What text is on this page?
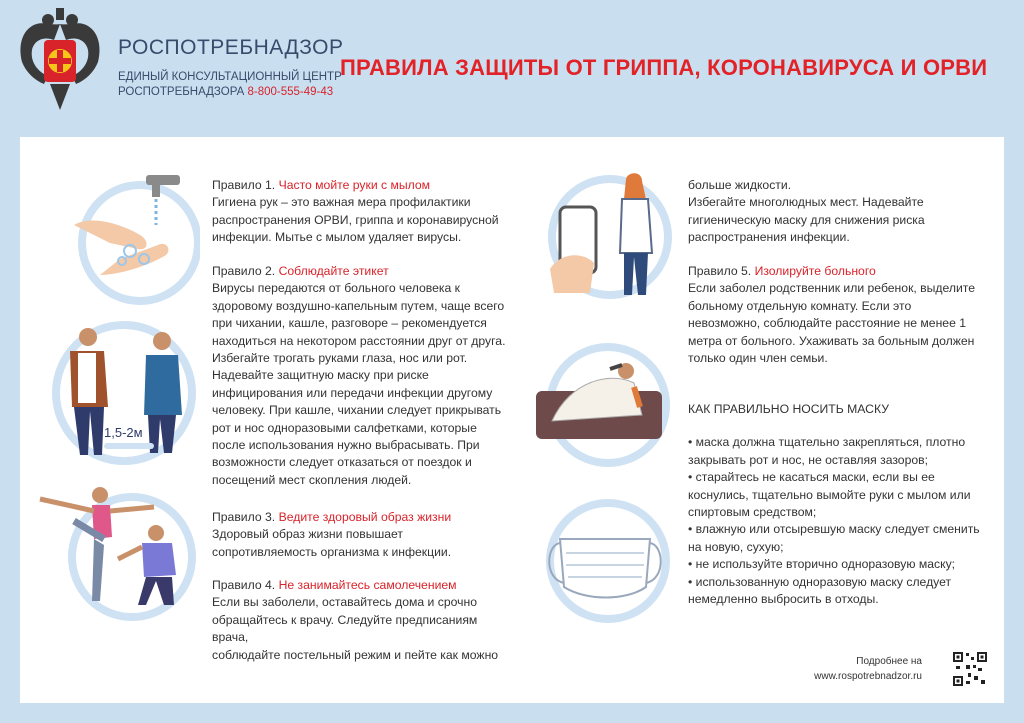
РОСПОТРЕБНАДЗОР
ЕДИНЫЙ КОНСУЛЬТАЦИОННЫЙ ЦЕНТР
РОСПОТРЕБНАДЗОРА 8-800-555-49-43
ПРАВИЛА ЗАЩИТЫ ОТ ГРИППА, КОРОНАВИРУСА И ОРВИ
1,5-2м
Правило 1. Часто мойте руки с мылом
Гигиена рук – это важная мера профилактики
распространения ОРВИ, гриппа и коронавирусной
инфекции. Мытье с мылом удаляет вирусы.
Правило 2. Соблюдайте этикет
Вирусы передаются от больного человека к
здоровому воздушно-капельным путем, чаще всего
при чихании, кашле, разговоре – рекомендуется
находиться на некотором расстоянии друг от друга.
Избегайте трогать руками глаза, нос или рот.
Надевайте защитную маску при риске
инфицирования или передачи инфекции другому
человеку. При кашле, чихании следует прикрывать
рот и нос одноразовыми салфетками, которые
после использования нужно выбрасывать. При
возможности следует отказаться от поездок и
посещений мест скопления людей.
Правило 3. Ведите здоровый образ жизни
Здоровый образ жизни повышает
сопротивляемость организма к инфекции.
Правило 4. Не занимайтесь самолечением
Если вы заболели, оставайтесь дома и срочно
обращайтесь к врачу. Следуйте предписаниям врача,
соблюдайте постельный режим и пейте как можно
больше жидкости.
Избегайте многолюдных мест. Надевайте
гигиеническую маску для снижения риска
распространения инфекции.
Правило 5. Изолируйте больного
Если заболел родственник или ребенок, выделите
больному отдельную комнату. Если это
невозможно, соблюдайте расстояние не менее 1
метра от больного. Ухаживать за больным должен
только один член семьи.
КАК ПРАВИЛЬНО НОСИТЬ МАСКУ
• маска должна тщательно закрепляться, плотно
закрывать рот и нос, не оставляя зазоров;
• старайтесь не касаться маски, если вы ее
коснулись, тщательно вымойте руки с мылом или
спиртовым средством;
• влажную или отсыревшую маску следует сменить
на новую, сухую;
• не используйте вторично одноразовую маску;
• использованную одноразовую маску следует
немедленно выбросить в отходы.
Подробнее на
www.rospotrebnadzor.ru
